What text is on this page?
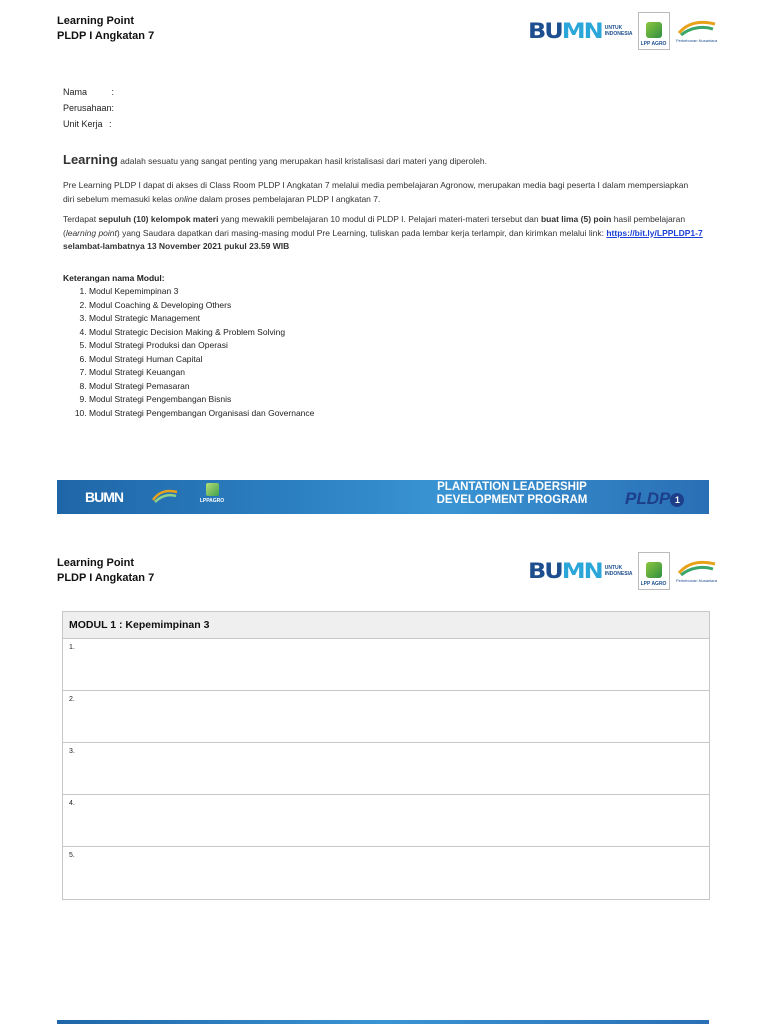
Learning Point
PLDP I Angkatan 7	BUMN UNTUK
INDONESIA
LPP AGRO
Perkebunan Nusantara
Nama	:
Perusahaan:
Unit Kerja :
Learning adalah sesuatu yang sangat penting yang merupakan hasil kristalisasi dari materi yang diperoleh.
Pre Learning PLDP I dapat di akses di Class Room PLDP I Angkatan 7 melalui media pembelajaran Agronow, merupakan media bagi peserta I dalam mempersiapkan diri sebelum memasuki kelas online dalam proses pembelajaran PLDP I angkatan 7.
Terdapat sepuluh (10) kelompok materi yang mewakili pembelajaran 10 modul di PLDP I. Pelajari materi-materi tersebut dan buat lima (5) poin hasil pembelajaran (learning point) yang Saudara dapatkan dari masing-masing modul Pre Learning, tuliskan pada lembar kerja terlampir, dan kirimkan melalui link: https://bit.ly/LPPLDP1-7 selambat-lambatnya 13 November 2021 pukul 23.59 WIB
Keterangan nama Modul:
1. Modul Kepemimpinan 3
2. Modul Coaching & Developing Others
3. Modul Strategic Management
4. Modul Strategic Decision Making & Problem Solving
5. Modul Strategi Produksi dan Operasi
6. Modul Strategi Human Capital
7. Modul Strategi Keuangan
8. Modul Strategi Pemasaran
9. Modul Strategi Pengembangan Bisnis
10. Modul Strategi Pengembangan Organisasi dan Governance
BUMN	LPPAGRO
PLANTATION LEADERSHIP
DEVELOPMENT PROGRAM	PLDP 1
Learning Point
PLDP I Angkatan 7	BUMN UNTUK
INDONESIA
LPP AGRO
Perkebunan Nusantara
MODUL 1 : Kepemimpinan 3
1.
2.
3.
4.
5.
